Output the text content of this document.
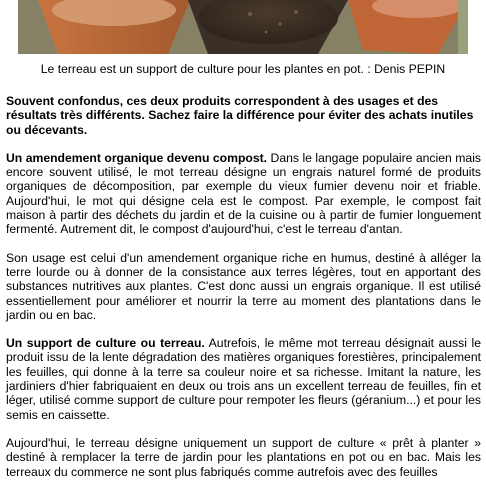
Le terreau est un support de culture pour les plantes en pot. : Denis PEPIN

Souvent confondus, ces deux produits correspondent à des usages et des résultats très différents. Sachez faire la différence pour éviter des achats inutiles ou décevants.

Un amendement organique devenu compost. Dans le langage populaire ancien mais encore souvent utilisé, le mot terreau désigne un engrais naturel formé de produits organiques de décomposition, par exemple du vieux fumier devenu noir et friable. Aujourd'hui, le mot qui désigne cela est le compost. Par exemple, le compost fait maison à partir des déchets du jardin et de la cuisine ou à partir de fumier longuement fermenté. Autrement dit, le compost d'aujourd'hui, c'est le terreau d'antan.

Son usage est celui d'un amendement organique riche en humus, destiné à alléger la terre lourde ou à donner de la consistance aux terres légères, tout en apportant des substances nutritives aux plantes. C'est donc aussi un engrais organique. Il est utilisé essentiellement pour améliorer et nourrir la terre au moment des plantations dans le jardin ou en bac.

Un support de culture ou terreau. Autrefois, le même mot terreau désignait aussi le produit issu de la lente dégradation des matières organiques forestières, principalement les feuilles, qui donne à la terre sa couleur noire et sa richesse. Imitant la nature, les jardiniers d'hier fabriquaient en deux ou trois ans un excellent terreau de feuilles, fin et léger, utilisé comme support de culture pour rempoter les fleurs (géranium...) et pour les semis en caissette.

Aujourd'hui, le terreau désigne uniquement un support de culture « prêt à planter » destiné à remplacer la terre de jardin pour les plantations en pot ou en bac. Mais les terreaux du commerce ne sont plus fabriqués comme autrefois avec des feuilles
